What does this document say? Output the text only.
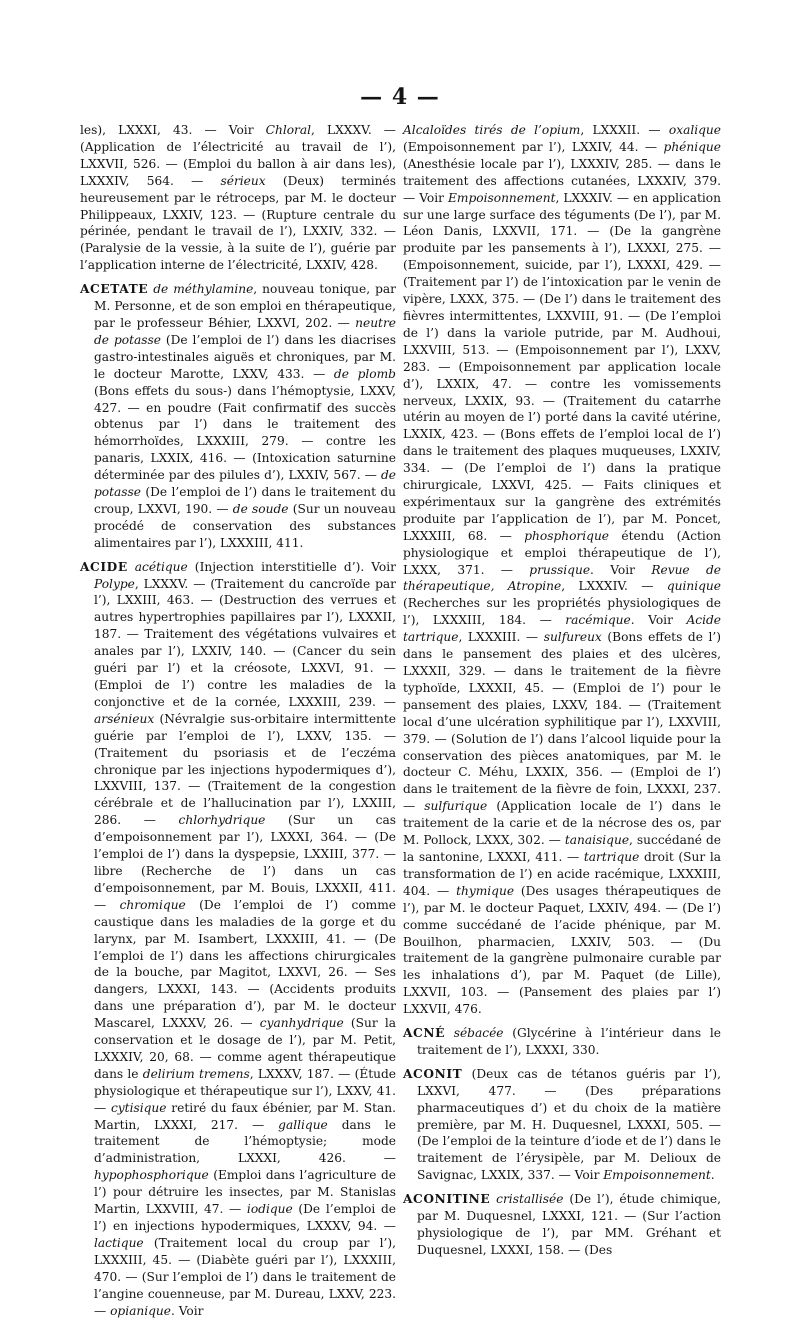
— 4 —

les), LXXXI, 43. — Voir Chloral, LXXXV. — (Application de l’électricité au travail de l’), LXXVII, 526. — (Emploi du ballon à air dans les), LXXXIV, 564. — sérieux (Deux) terminés heureusement par le rétroceps, par M. le docteur Philippeaux, LXXIV, 123. — (Rupture centrale du périnée, pendant le travail de l’), LXXIV, 332. — (Paralysie de la vessie, à la suite de l’), guérie par l’application interne de l’électricité, LXXIV, 428.

ACETATE de méthylamine, nouveau tonique, par M. Personne, et de son emploi en thérapeutique, par le professeur Béhier, LXXVI, 202. — neutre de potasse (De l’emploi de l’) dans les diacrises gastro-intestinales aiguës et chroniques, par M. le docteur Marotte, LXXV, 433. — de plomb (Bons effets du sous-) dans l’hémoptysie, LXXV, 427. — en poudre (Fait confirmatif des succès obtenus par l’) dans le traitement des hémorrhoïdes, LXXXIII, 279. — contre les panaris, LXXIX, 416. — (Intoxication saturnine déterminée par des pilules d’), LXXIV, 567. — de potasse (De l’emploi de l’) dans le traitement du croup, LXXVI, 190. — de soude (Sur un nouveau procédé de conservation des substances alimentaires par l’), LXXXIII, 411.

ACIDE acétique (Injection interstitielle d’). Voir Polype, LXXXV. — (Traitement du cancroïde par l’), LXXIII, 463. — (Destruction des verrues et autres hypertrophies papillaires par l’), LXXXII, 187. — Traitement des végétations vulvaires et anales par l’), LXXIV, 140. — (Cancer du sein guéri par l’) et la créosote, LXXVI, 91. — (Emploi de l’) contre les maladies de la conjonctive et de la cornée, LXXXIII, 239. — arsénieux (Névralgie sus-orbitaire intermittente guérie par l’emploi de l’), LXXV, 135. — (Traitement du psoriasis et de l’eczéma chronique par les injections hypodermiques d’), LXXVIII, 137. — (Traitement de la congestion cérébrale et de l’hallucination par l’), LXXIII, 286. — chlorhydrique (Sur un cas d’empoisonnement par l’), LXXXI, 364. — (De l’emploi de l’) dans la dyspepsie, LXXIII, 377. — libre (Recherche de l’) dans un cas d’empoisonnement, par M. Bouis, LXXXII, 411. — chromique (De l’emploi de l’) comme caustique dans les maladies de la gorge et du larynx, par M. Isambert, LXXXIII, 41. — (De l’emploi de l’) dans les affections chirurgicales de la bouche, par Magitot, LXXVI, 26. — Ses dangers, LXXXI, 143. — (Accidents produits dans une préparation d’), par M. le docteur Mascarel, LXXXV, 26. — cyanhydrique (Sur la conservation et le dosage de l’), par M. Petit, LXXXIV, 20, 68. — comme agent thérapeutique dans le delirium tremens, LXXXV, 187. — (Étude physiologique et thérapeutique sur l’), LXXV, 41. — cytisique retiré du faux ébénier, par M. Stan. Martin, LXXXI, 217. — gallique dans le traitement de l’hémoptysie; mode d’administration, LXXXI, 426. — hypophosphorique (Emploi dans l’agriculture de l’) pour détruire les insectes, par M. Stanislas Martin, LXXVIII, 47. — iodique (De l’emploi de l’) en injections hypodermiques, LXXXV, 94. — lactique (Traitement local du croup par l’), LXXXIII, 45. — (Diabète guéri par l’), LXXXIII, 470. — (Sur l’emploi de l’) dans le traitement de l’angine couenneuse, par M. Dureau, LXXV, 223. — opianique. Voir

Alcaloïdes tirés de l’opium, LXXXII. — oxalique (Empoisonnement par l’), LXXIV, 44. — phénique (Anesthésie locale par l’), LXXXIV, 285. — dans le traitement des affections cutanées, LXXXIV, 379. — Voir Empoisonnement, LXXXIV. — en application sur une large surface des téguments (De l’), par M. Léon Danis, LXXVII, 171. — (De la gangrène produite par les pansements à l’), LXXXI, 275. — (Empoisonnement, suicide, par l’), LXXXI, 429. — (Traitement par l’) de l’intoxication par le venin de vipère, LXXX, 375. — (De l’) dans le traitement des fièvres intermittentes, LXXVIII, 91. — (De l’emploi de l’) dans la variole putride, par M. Audhoui, LXXVIII, 513. — (Empoisonnement par l’), LXXV, 283. — (Empoisonnement par application locale d’), LXXIX, 47. — contre les vomissements nerveux, LXXIX, 93. — (Traitement du catarrhe utérin au moyen de l’) porté dans la cavité utérine, LXXIX, 423. — (Bons effets de l’emploi local de l’) dans le traitement des plaques muqueuses, LXXIV, 334. — (De l’emploi de l’) dans la pratique chirurgicale, LXXVI, 425. — Faits cliniques et expérimentaux sur la gangrène des extrémités produite par l’application de l’), par M. Poncet, LXXXIII, 68. — phosphorique étendu (Action physiologique et emploi thérapeutique de l’), LXXX, 371. — prussique. Voir Revue de thérapeutique, Atropine, LXXXIV. — quinique (Recherches sur les propriétés physiologiques de l’), LXXXIII, 184. — racémique. Voir Acide tartrique, LXXXIII. — sulfureux (Bons effets de l’) dans le pansement des plaies et des ulcères, LXXXII, 329. — dans le traitement de la fièvre typhoïde, LXXXII, 45. — (Emploi de l’) pour le pansement des plaies, LXXV, 184. — (Traitement local d’une ulcération syphilitique par l’), LXXVIII, 379. — (Solution de l’) dans l’alcool liquide pour la conservation des pièces anatomiques, par M. le docteur C. Méhu, LXXIX, 356. — (Emploi de l’) dans le traitement de la fièvre de foin, LXXXI, 237. — sulfurique (Application locale de l’) dans le traitement de la carie et de la nécrose des os, par M. Pollock, LXXX, 302. — tanaisique, succédané de la santonine, LXXXI, 411. — tartrique droit (Sur la transformation de l’) en acide racémique, LXXXIII, 404. — thymique (Des usages thérapeutiques de l’), par M. le docteur Paquet, LXXIV, 494. — (De l’) comme succédané de l’acide phénique, par M. Bouilhon, pharmacien, LXXIV, 503. — (Du traitement de la gangrène pulmonaire curable par les inhalations d’), par M. Paquet (de Lille), LXXVII, 103. — (Pansement des plaies par l’) LXXVII, 476.

ACNÉ sébacée (Glycérine à l’intérieur dans le traitement de l’), LXXXI, 330.

ACONIT (Deux cas de tétanos guéris par l’), LXXVI, 477. — (Des préparations pharmaceutiques d’) et du choix de la matière première, par M. H. Duquesnel, LXXXI, 505. — (De l’emploi de la teinture d’iode et de l’) dans le traitement de l’érysipèle, par M. Delioux de Savignac, LXXIX, 337. — Voir Empoisonnement.

ACONITINE cristallisée (De l’), étude chimique, par M. Duquesnel, LXXXI, 121. — (Sur l’action physiologique de l’), par MM. Gréhant et Duquesnel, LXXXI, 158. — (Des
